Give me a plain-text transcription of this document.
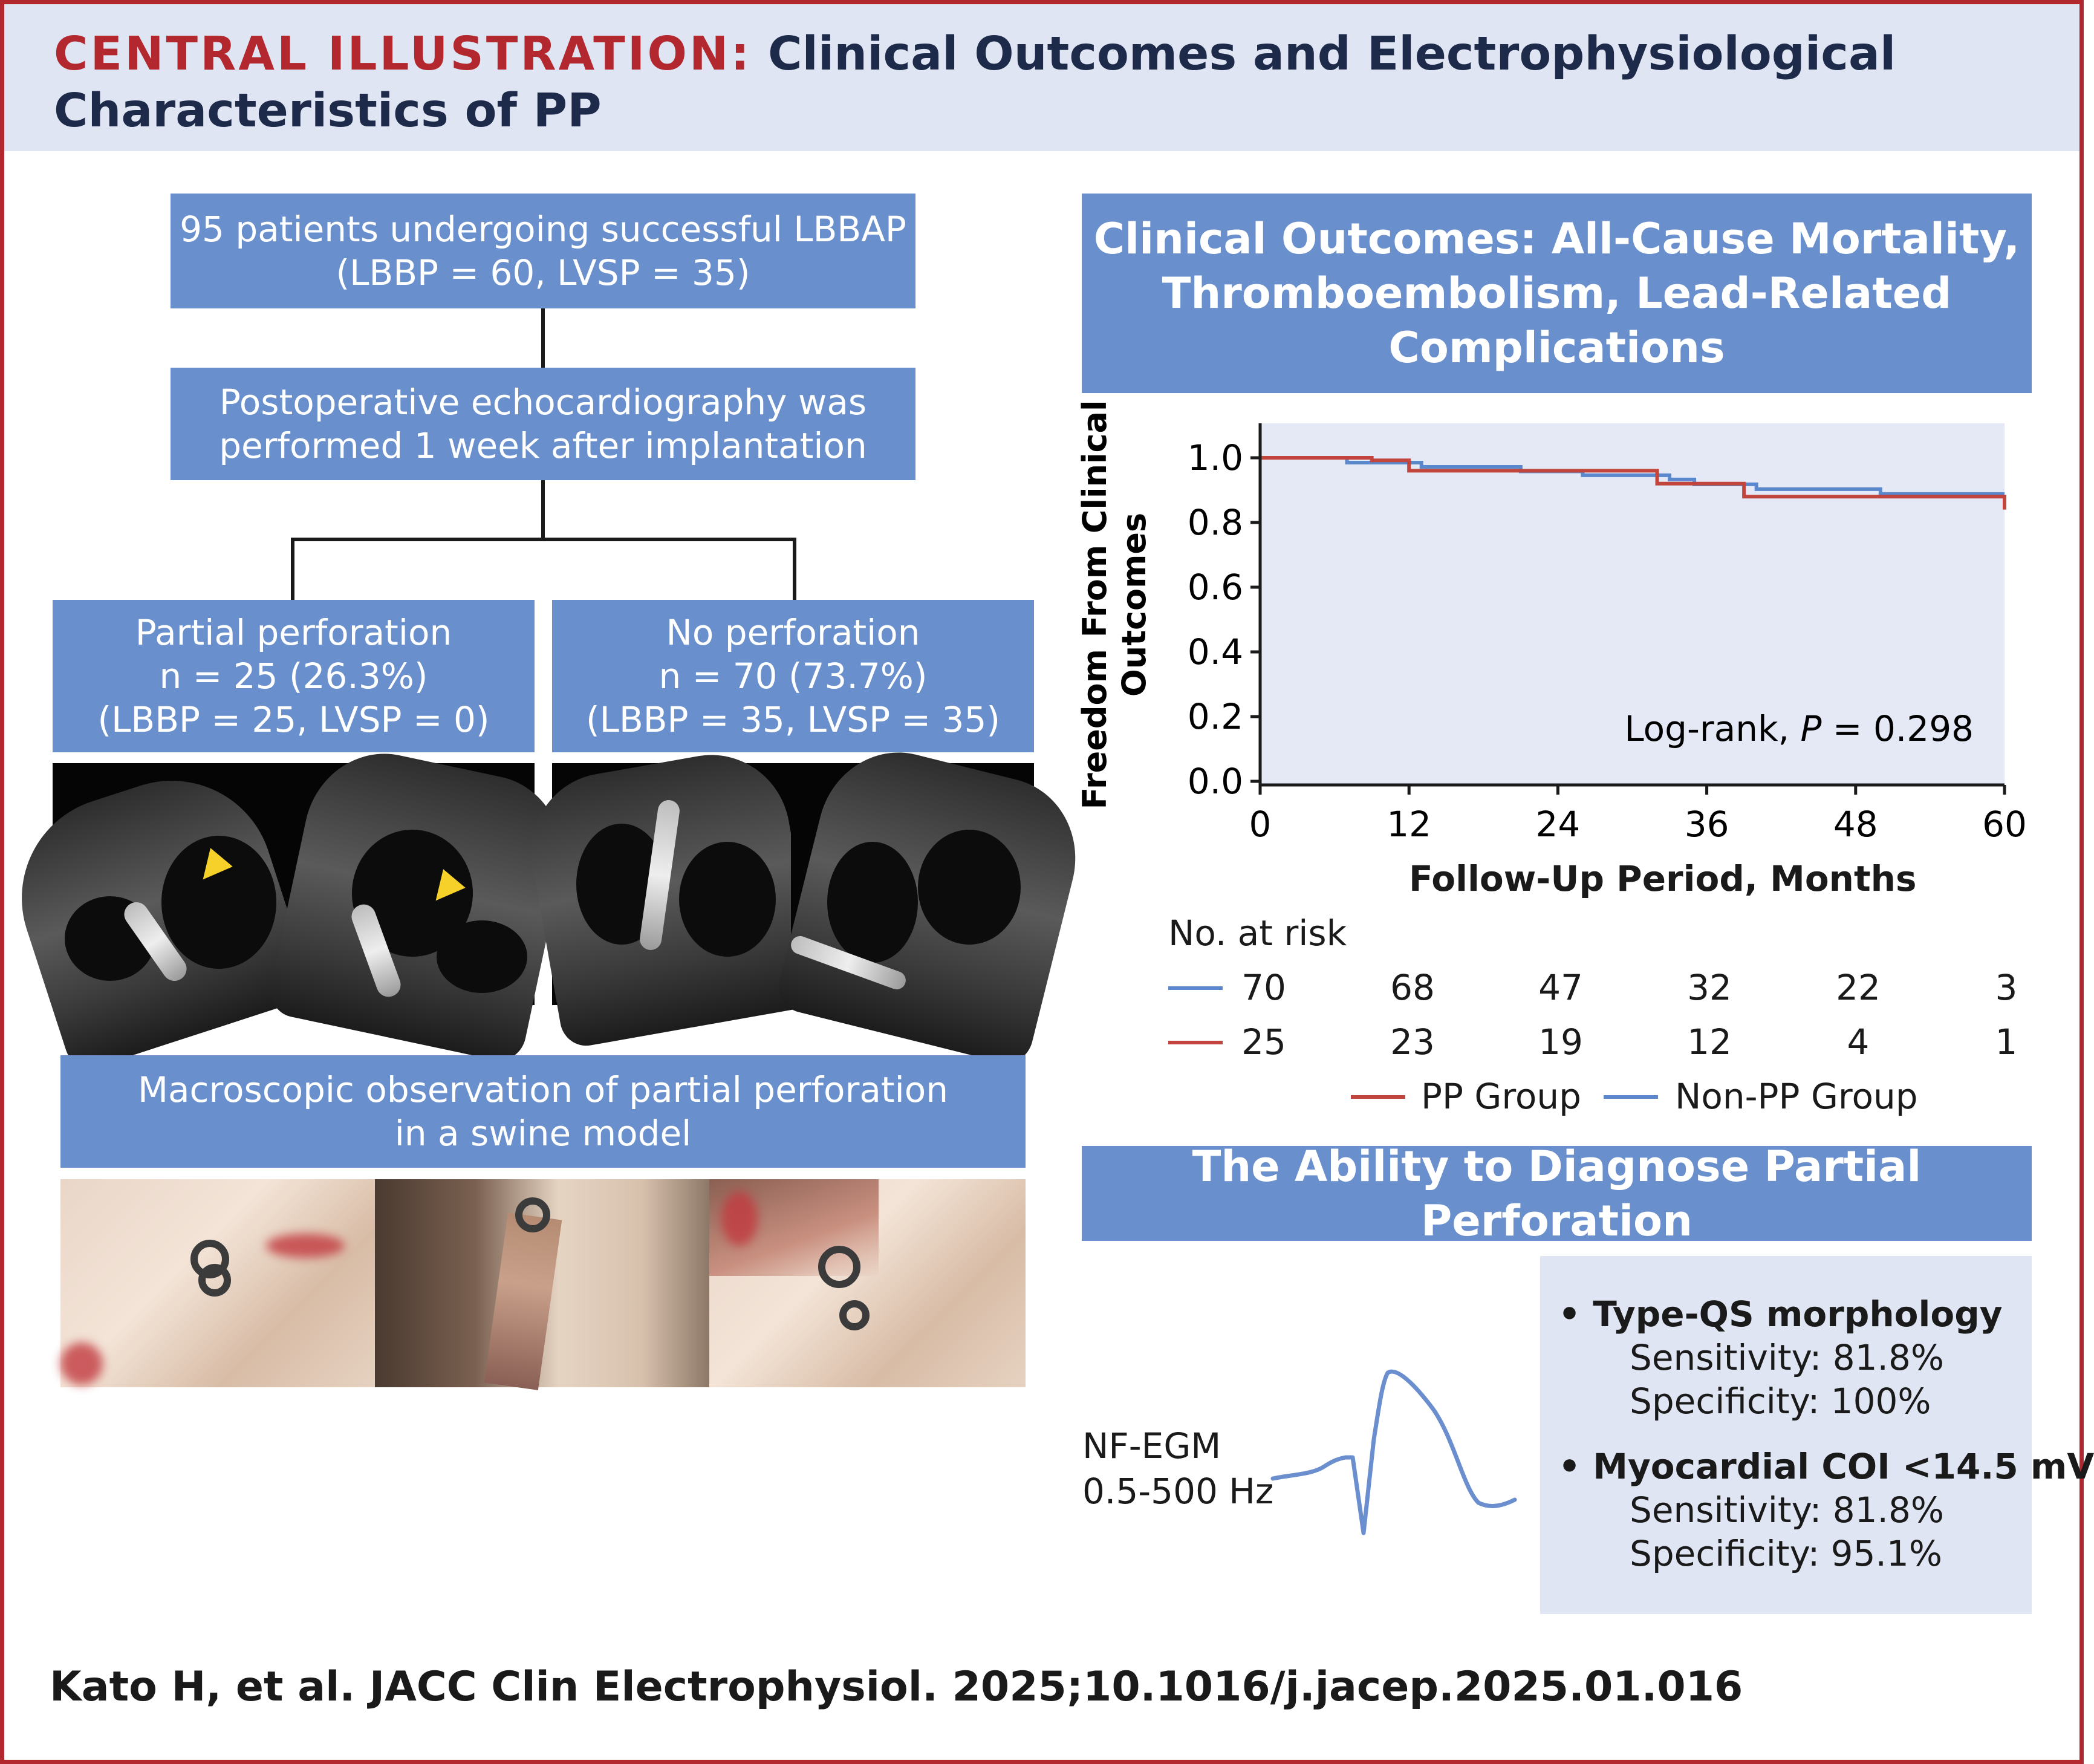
CENTRAL ILLUSTRATION: Clinical Outcomes and Electrophysiological
Characteristics of PP
95 patients undergoing successful LBBAP
(LBBP = 60, LVSP = 35)
Postoperative echocardiography was
performed 1 week after implantation
Partial perforation
n = 25 (26.3%)
(LBBP = 25, LVSP = 0)
No perforation
n = 70 (73.7%)
(LBBP = 35, LVSP = 35)
Macroscopic observation of partial perforation
in a swine model
Clinical Outcomes: All-Cause Mortality,
Thromboembolism, Lead-Related
Complications
1.0
0.8
0.6
0.4
0.2
0.0
0	12	24	36	48	60
Freedom From Clinical Outcomes
Log-rank, P = 0.298
Follow-Up Period, Months
No. at risk
70	68	47	32	22	3
25	23	19	12	4	1
PP Group	Non-PP Group
The Ability to Diagnose Partial Perforation
NF-EGM
0.5-500 Hz
• Type-QS morphology
Sensitivity: 81.8%
Specificity: 100%
• Myocardial COI <14.5 mV
Sensitivity: 81.8%
Specificity: 95.1%
Kato H, et al. JACC Clin Electrophysiol. 2025;10.1016/j.jacep.2025.01.016
